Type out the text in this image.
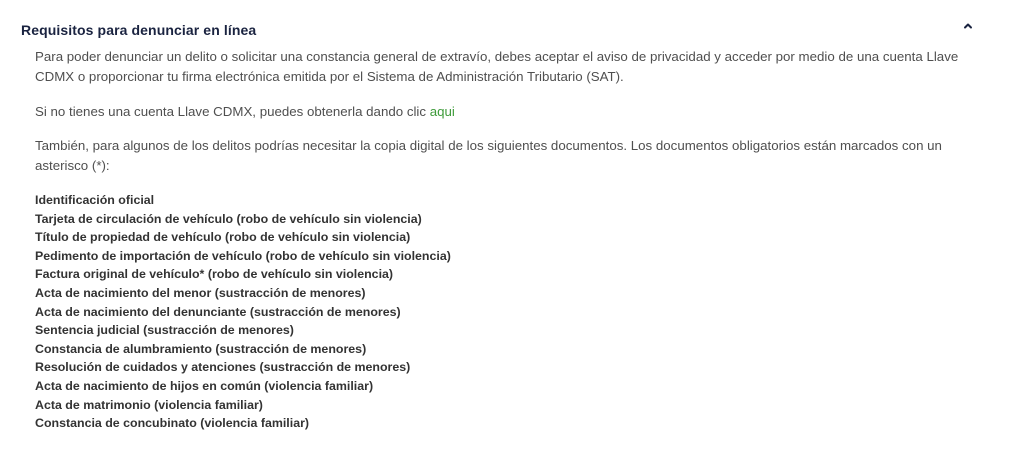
Requisitos para denunciar en línea

Para poder denunciar un delito o solicitar una constancia general de extravío, debes aceptar el aviso de privacidad y acceder por medio de una cuenta Llave CDMX o proporcionar tu firma electrónica emitida por el Sistema de Administración Tributario (SAT).

Si no tienes una cuenta Llave CDMX, puedes obtenerla dando clic aqui

También, para algunos de los delitos podrías necesitar la copia digital de los siguientes documentos. Los documentos obligatorios están marcados con un asterisco (*):

Identificación oficial
Tarjeta de circulación de vehículo (robo de vehículo sin violencia)
Título de propiedad de vehículo (robo de vehículo sin violencia)
Pedimento de importación de vehículo (robo de vehículo sin violencia)
Factura original de vehículo* (robo de vehículo sin violencia)
Acta de nacimiento del menor (sustracción de menores)
Acta de nacimiento del denunciante (sustracción de menores)
Sentencia judicial (sustracción de menores)
Constancia de alumbramiento (sustracción de menores)
Resolución de cuidados y atenciones (sustracción de menores)
Acta de nacimiento de hijos en común (violencia familiar)
Acta de matrimonio (violencia familiar)
Constancia de concubinato (violencia familiar)
